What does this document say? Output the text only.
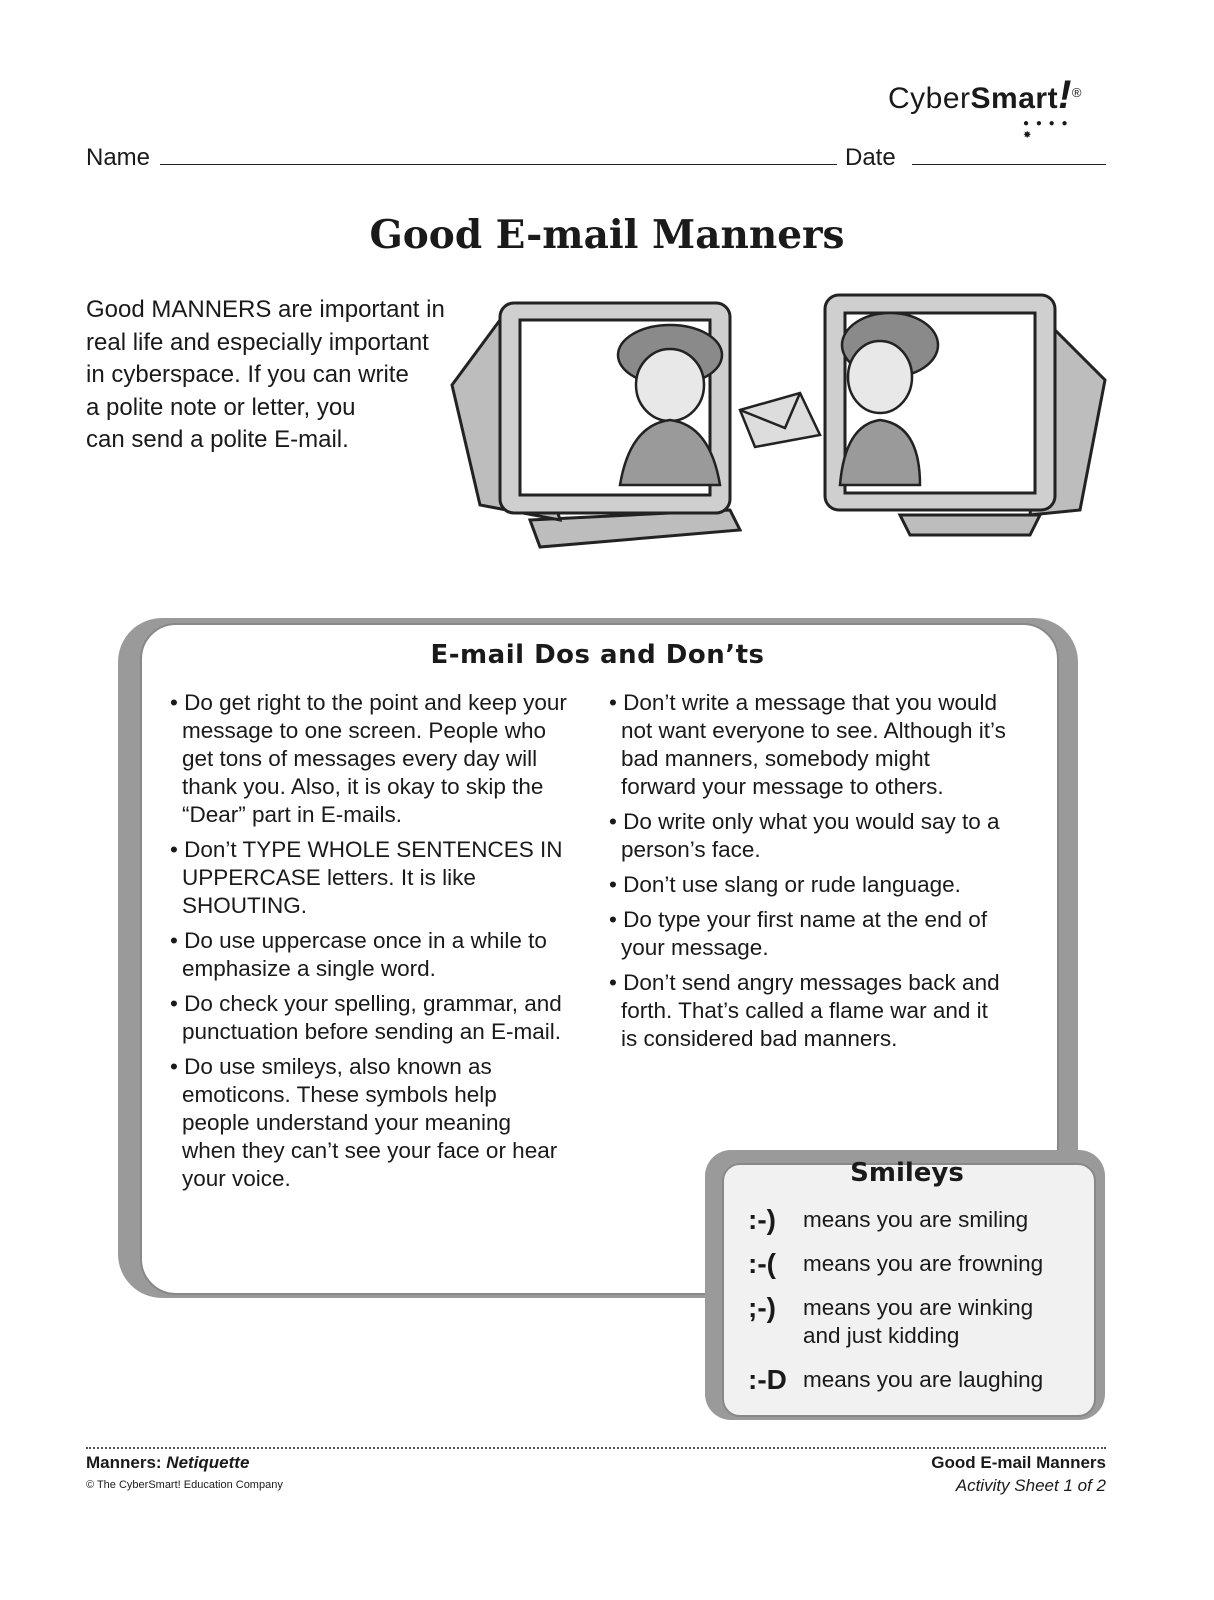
CyberSmart!®
● ● ● ● ✸
Name	Date
Good E-mail Manners
Good MANNERS are important in
real life and especially important
in cyberspace. If you can write
a polite note or letter, you
can send a polite E-mail.
E-mail Dos and Don’ts
• Do get right to the point and keep your message to one screen. People who get tons of messages every day will thank you. Also, it is okay to skip the “Dear” part in E-mails.
• Don’t TYPE WHOLE SENTENCES IN UPPERCASE letters. It is like SHOUTING.
• Do use uppercase once in a while to emphasize a single word.
• Do check your spelling, grammar, and punctuation before sending an E-mail.
• Do use smileys, also known as emoticons. These symbols help people understand your meaning when they can’t see your face or hear your voice.
• Don’t write a message that you would not want everyone to see. Although it’s bad manners, somebody might forward your message to others.
• Do write only what you would say to a person’s face.
• Don’t use slang or rude language.
• Do type your first name at the end of your message.
• Don’t send angry messages back and forth. That’s called a flame war and it is considered bad manners.
Smileys
:-)	means you are smiling
:-(	means you are frowning
;-)	means you are winking and just kidding
:-D means you are laughing
Manners: Netiquette
© The CyberSmart! Education Company
Good E-mail Manners
Activity Sheet 1 of 2
